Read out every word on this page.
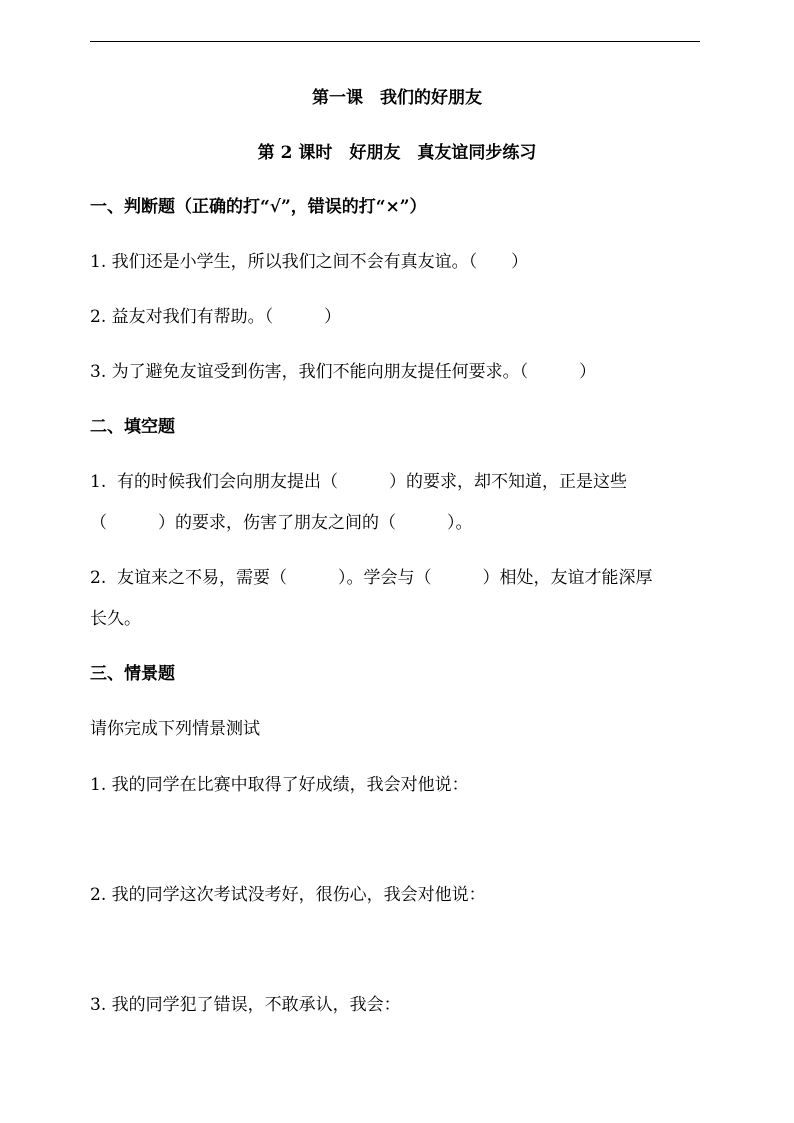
第一课　我们的好朋友
第 2 课时　好朋友　真友谊同步练习
一、判断题（正确的打“√”，错误的打“×”）
1. 我们还是小学生，所以我们之间不会有真友谊。（　　）
2. 益友对我们有帮助。（　　　）
3. 为了避免友谊受到伤害，我们不能向朋友提任何要求。（　　　）
二、填空题
1.  有的时候我们会向朋友提出（　　　）的要求，却不知道，正是这些
（　　　）的要求，伤害了朋友之间的（　　　）。
2.  友谊来之不易，需要（　　　）。学会与（　　　）相处，友谊才能深厚
长久。
三、情景题
请你完成下列情景测试
1. 我的同学在比赛中取得了好成绩，我会对他说：
2. 我的同学这次考试没考好，很伤心，我会对他说：
3. 我的同学犯了错误，不敢承认，我会：
